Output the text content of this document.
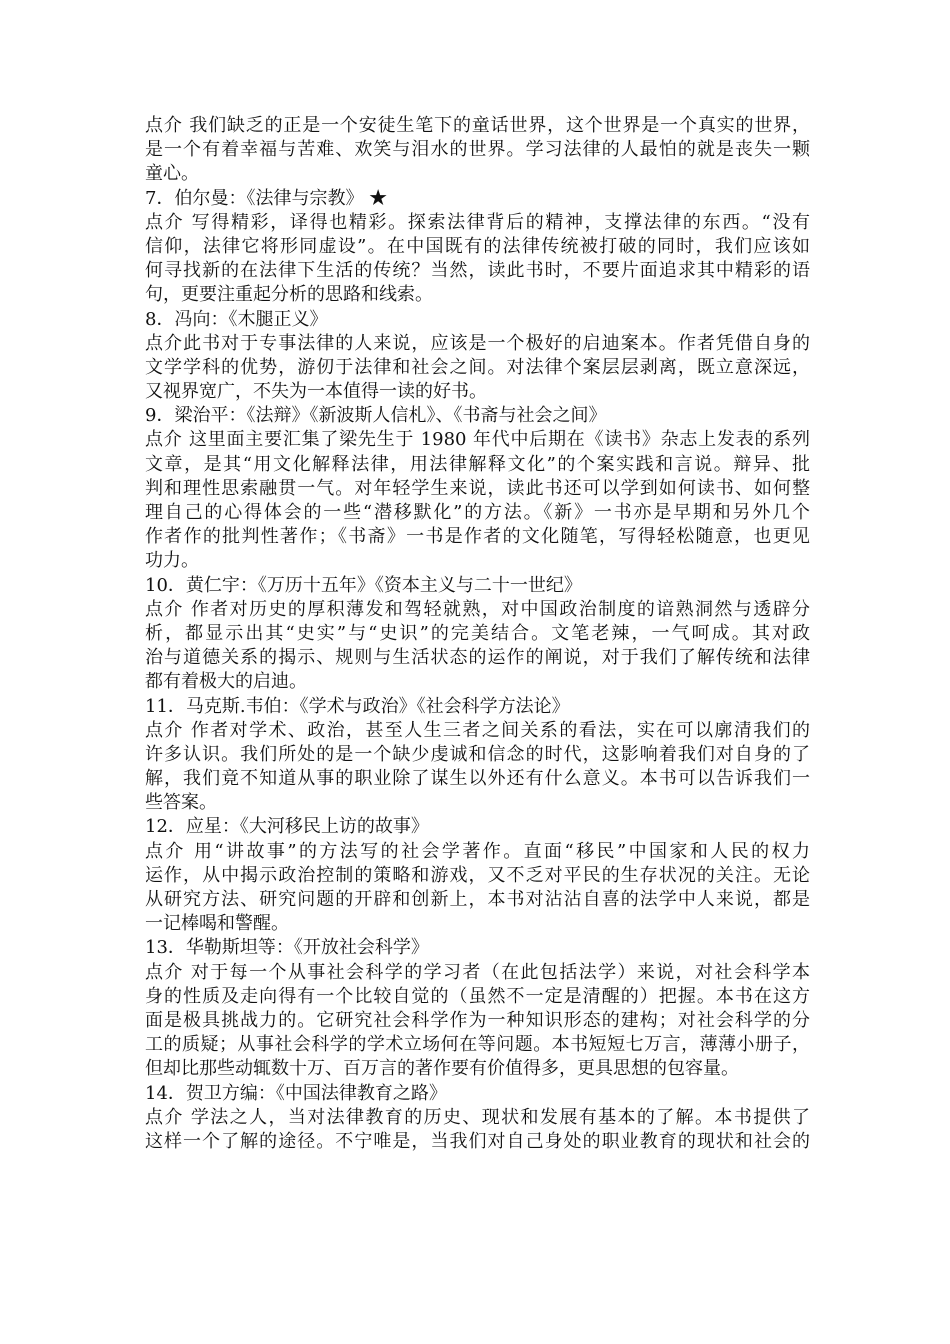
点介 我们缺乏的正是一个安徒生笔下的童话世界，这个世界是一个真实的世界，
是一个有着幸福与苦难、欢笑与泪水的世界。学习法律的人最怕的就是丧失一颗
童心。
7．伯尔曼：《法律与宗教》 ★
点介 写得精彩，译得也精彩。探索法律背后的精神，支撑法律的东西。“没有
信仰，法律它将形同虚设”。在中国既有的法律传统被打破的同时，我们应该如
何寻找新的在法律下生活的传统？当然，读此书时，不要片面追求其中精彩的语
句，更要注重起分析的思路和线索。
8．冯向：《木腿正义》
点介此书对于专事法律的人来说，应该是一个极好的启迪案本。作者凭借自身的
文学学科的优势，游仞于法律和社会之间。对法律个案层层剥离，既立意深远，
又视界宽广，不失为一本值得一读的好书。
9．梁治平：《法辩》《新波斯人信札》、《书斋与社会之间》
点介 这里面主要汇集了梁先生于 1980 年代中后期在《读书》杂志上发表的系列
文章，是其“用文化解释法律，用法律解释文化”的个案实践和言说。辩异、批
判和理性思索融贯一气。对年轻学生来说，读此书还可以学到如何读书、如何整
理自己的心得体会的一些“潜移默化”的方法。《新》一书亦是早期和另外几个
作者作的批判性著作；《书斋》一书是作者的文化随笔，写得轻松随意，也更见
功力。
10．黄仁宇：《万历十五年》《资本主义与二十一世纪》
点介 作者对历史的厚积薄发和驾轻就熟，对中国政治制度的谙熟洞然与透辟分
析，都显示出其“史实”与“史识”的完美结合。文笔老辣，一气呵成。其对政
治与道德关系的揭示、规则与生活状态的运作的阐说，对于我们了解传统和法律
都有着极大的启迪。
11．马克斯.韦伯：《学术与政治》《社会科学方法论》
点介 作者对学术、政治，甚至人生三者之间关系的看法，实在可以廓清我们的
许多认识。我们所处的是一个缺少虔诚和信念的时代，这影响着我们对自身的了
解，我们竟不知道从事的职业除了谋生以外还有什么意义。本书可以告诉我们一
些答案。
12．应星：《大河移民上访的故事》
点介 用“讲故事”的方法写的社会学著作。直面“移民”中国家和人民的权力
运作，从中揭示政治控制的策略和游戏，又不乏对平民的生存状况的关注。无论
从研究方法、研究问题的开辟和创新上，本书对沾沾自喜的法学中人来说，都是
一记棒喝和警醒。
13．华勒斯坦等：《开放社会科学》
点介 对于每一个从事社会科学的学习者（在此包括法学）来说，对社会科学本
身的性质及走向得有一个比较自觉的（虽然不一定是清醒的）把握。本书在这方
面是极具挑战力的。它研究社会科学作为一种知识形态的建构；对社会科学的分
工的质疑；从事社会科学的学术立场何在等问题。本书短短七万言，薄薄小册子，
但却比那些动辄数十万、百万言的著作要有价值得多，更具思想的包容量。
14．贺卫方编：《中国法律教育之路》
点介 学法之人，当对法律教育的历史、现状和发展有基本的了解。本书提供了
这样一个了解的途径。不宁唯是，当我们对自己身处的职业教育的现状和社会的
